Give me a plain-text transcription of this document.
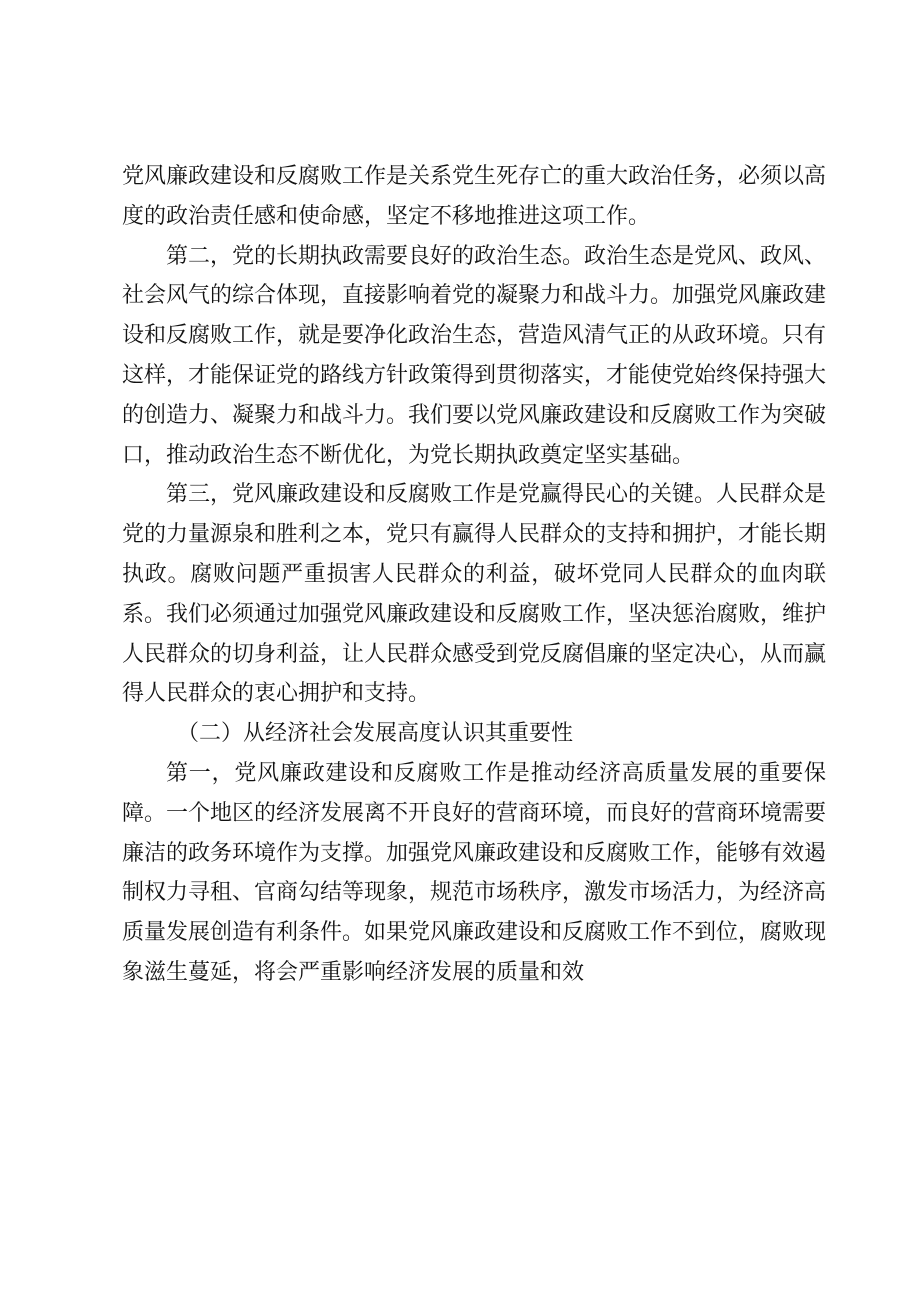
党风廉政建设和反腐败工作是关系党生死存亡的重大政治任务，必须以高度的政治责任感和使命感，坚定不移地推进这项工作。

第二，党的长期执政需要良好的政治生态。政治生态是党风、政风、社会风气的综合体现，直接影响着党的凝聚力和战斗力。加强党风廉政建设和反腐败工作，就是要净化政治生态，营造风清气正的从政环境。只有这样，才能保证党的路线方针政策得到贯彻落实，才能使党始终保持强大的创造力、凝聚力和战斗力。我们要以党风廉政建设和反腐败工作为突破口，推动政治生态不断优化，为党长期执政奠定坚实基础。

第三，党风廉政建设和反腐败工作是党赢得民心的关键。人民群众是党的力量源泉和胜利之本，党只有赢得人民群众的支持和拥护，才能长期执政。腐败问题严重损害人民群众的利益，破坏党同人民群众的血肉联系。我们必须通过加强党风廉政建设和反腐败工作，坚决惩治腐败，维护人民群众的切身利益，让人民群众感受到党反腐倡廉的坚定决心，从而赢得人民群众的衷心拥护和支持。

（二）从经济社会发展高度认识其重要性

第一，党风廉政建设和反腐败工作是推动经济高质量发展的重要保障。一个地区的经济发展离不开良好的营商环境，而良好的营商环境需要廉洁的政务环境作为支撑。加强党风廉政建设和反腐败工作，能够有效遏制权力寻租、官商勾结等现象，规范市场秩序，激发市场活力，为经济高质量发展创造有利条件。如果党风廉政建设和反腐败工作不到位，腐败现象滋生蔓延，将会严重影响经济发展的质量和效
